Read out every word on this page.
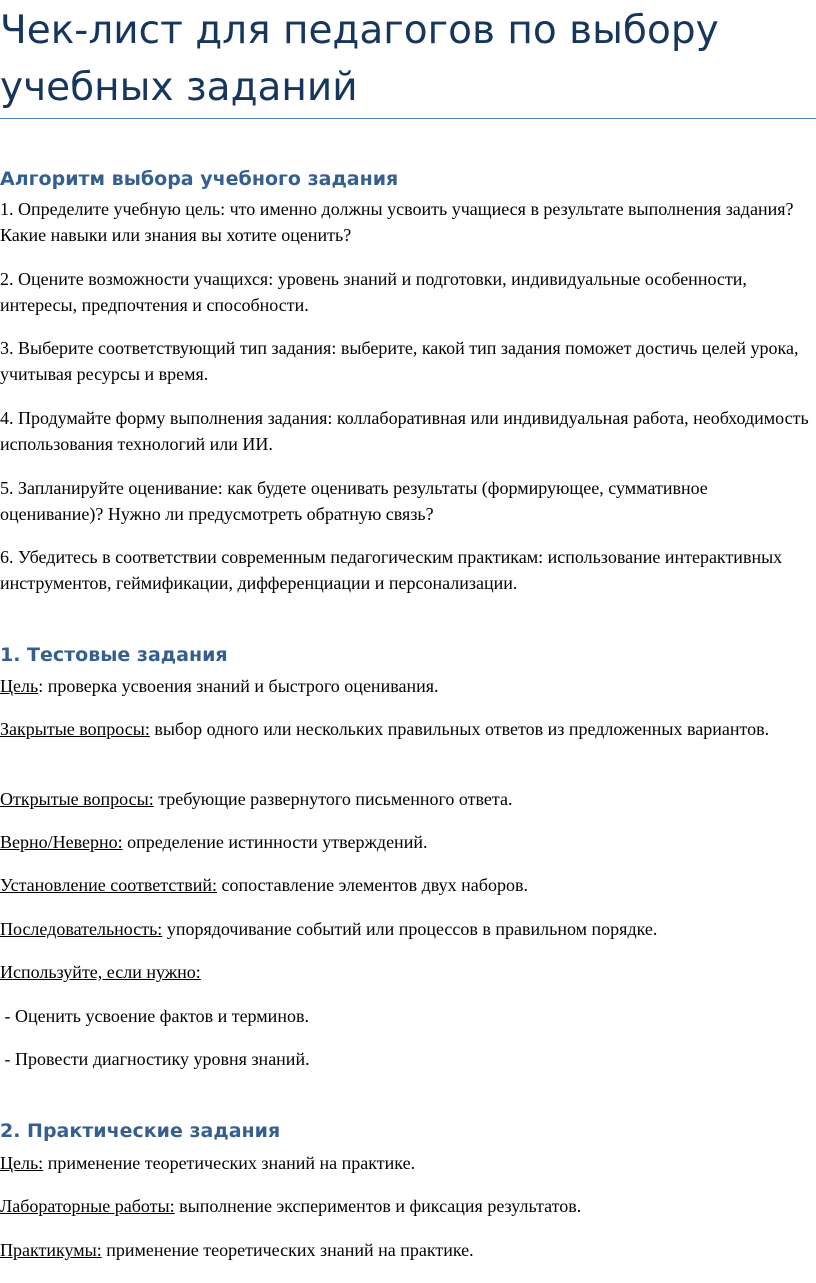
Чек-лист для педагогов по выбору учебных заданий
Алгоритм выбора учебного задания

1. Определите учебную цель: что именно должны усвоить учащиеся в результате выполнения задания? Какие навыки или знания вы хотите оценить?

2. Оцените возможности учащихся: уровень знаний и подготовки, индивидуальные особенности, интересы, предпочтения и способности.

3. Выберите соответствующий тип задания: выберите, какой тип задания поможет достичь целей урока, учитывая ресурсы и время.

4. Продумайте форму выполнения задания: коллаборативная или индивидуальная работа, необходимость использования технологий или ИИ.

5. Запланируйте оценивание: как будете оценивать результаты (формирующее, суммативное оценивание)? Нужно ли предусмотреть обратную связь?

6. Убедитесь в соответствии современным педагогическим практикам: использование интерактивных инструментов, геймификации, дифференциации и персонализации.

1. Тестовые задания

Цель: проверка усвоения знаний и быстрого оценивания.

Закрытые вопросы: выбор одного или нескольких правильных ответов из предложенных вариантов.

Открытые вопросы: требующие развернутого письменного ответа.

Верно/Неверно: определение истинности утверждений.

Установление соответствий: сопоставление элементов двух наборов.

Последовательность: упорядочивание событий или процессов в правильном порядке.

Используйте, если нужно:

- Оценить усвоение фактов и терминов.

- Провести диагностику уровня знаний.

2. Практические задания

Цель: применение теоретических знаний на практике.

Лабораторные работы: выполнение экспериментов и фиксация результатов.

Практикумы: применение теоретических знаний на практике.
